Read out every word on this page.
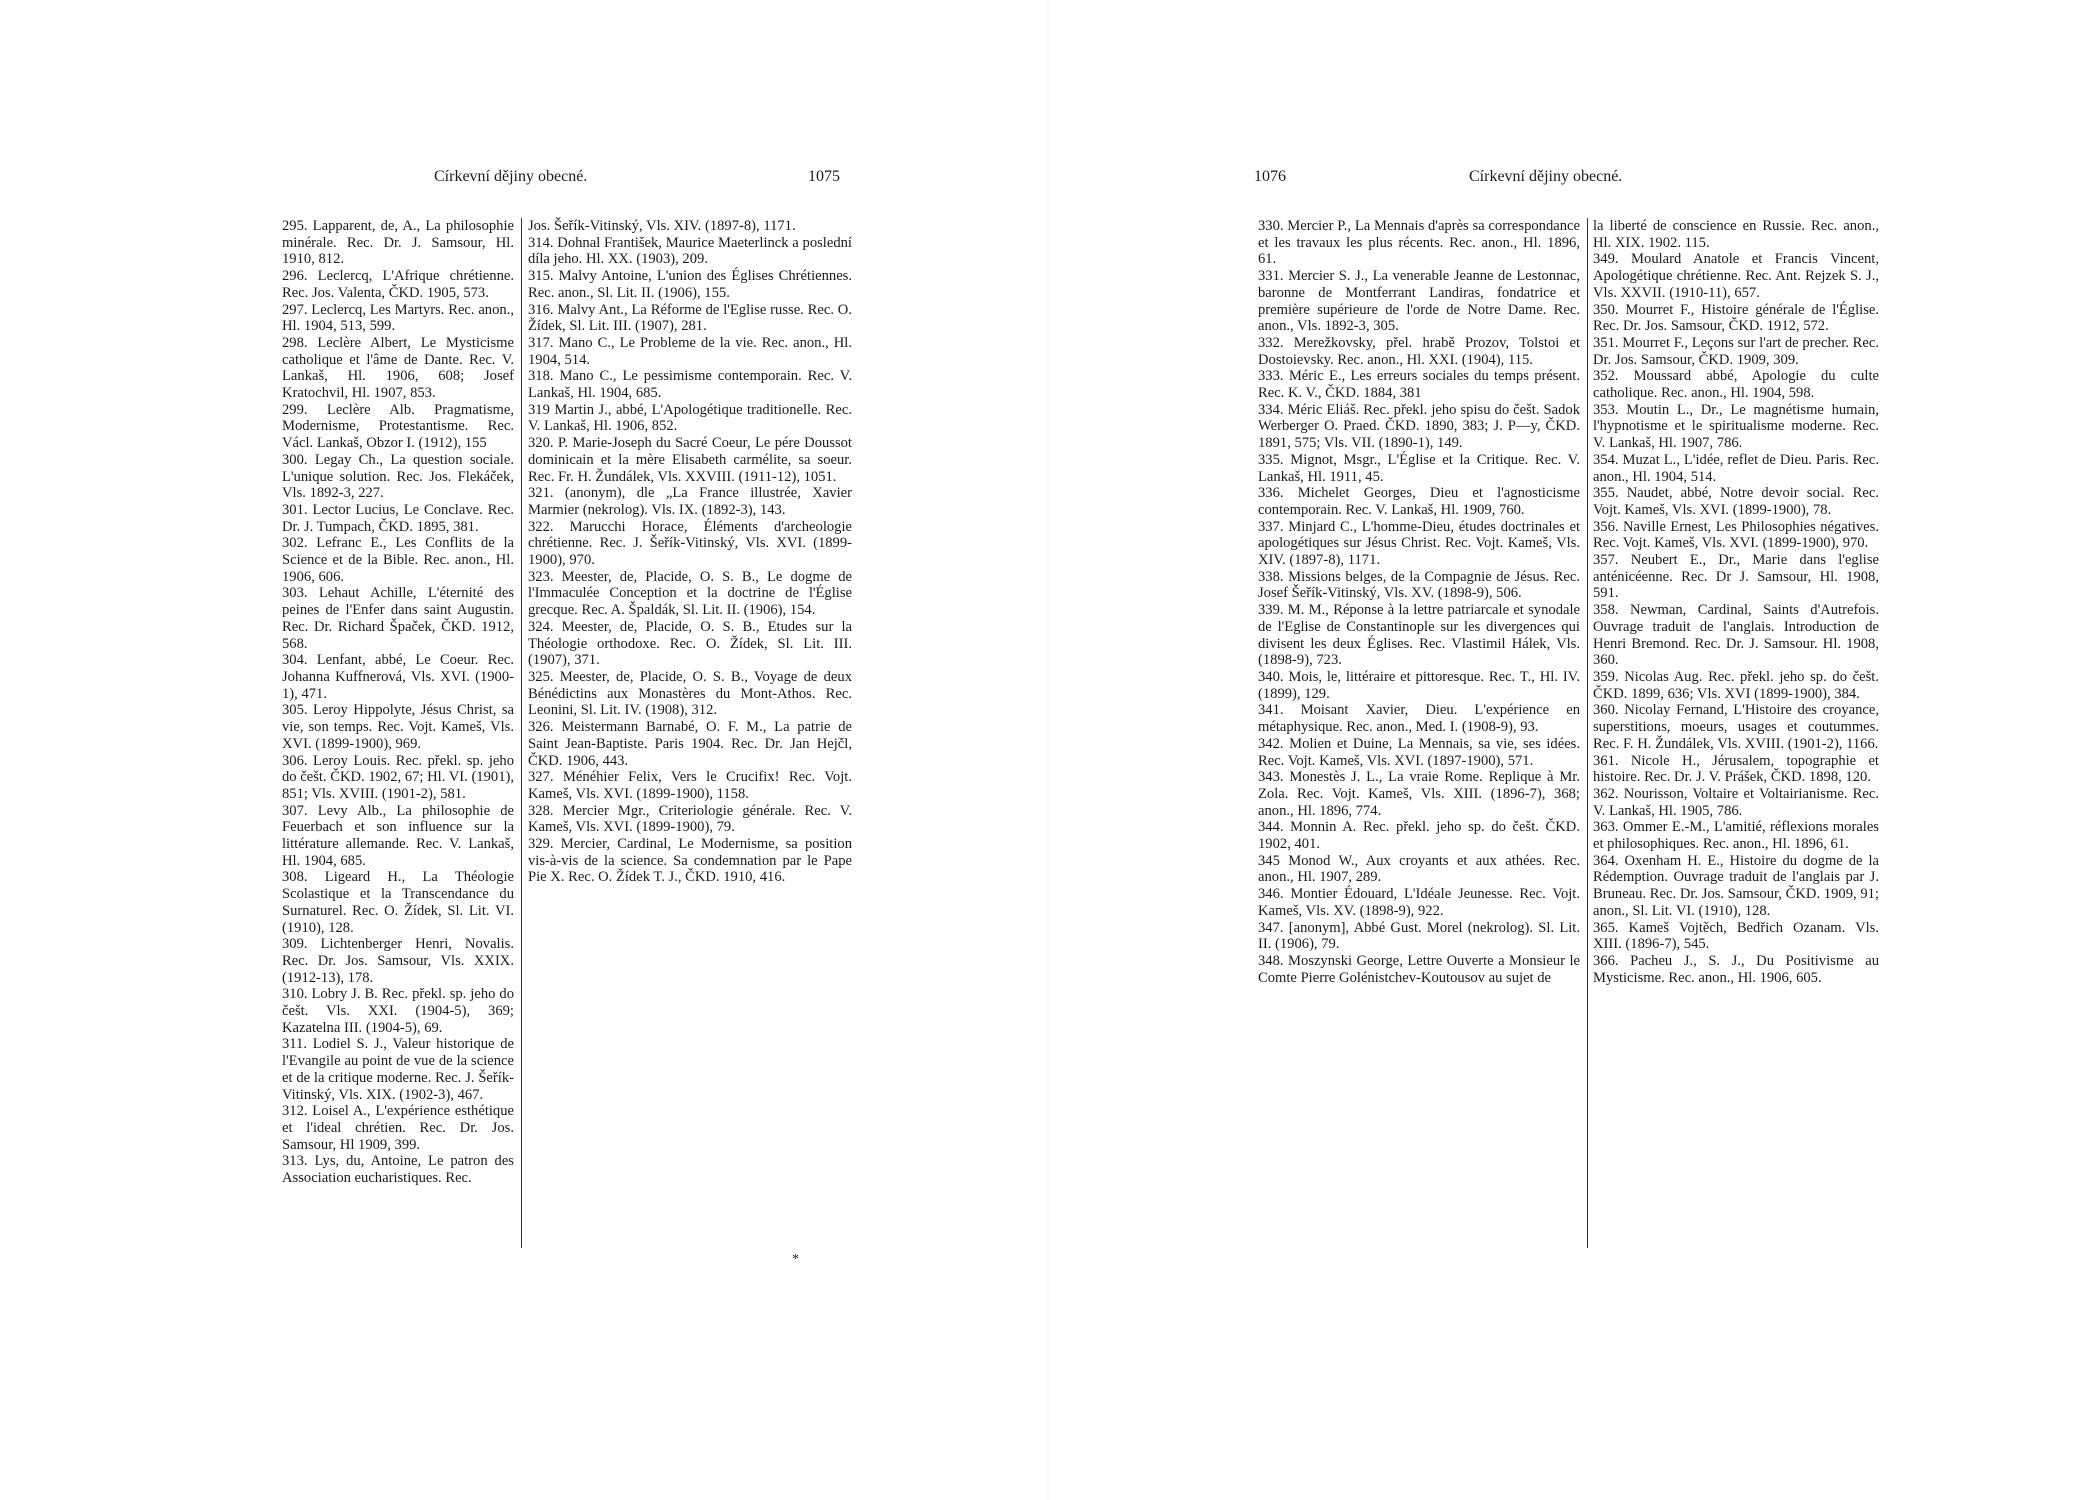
Církevní dějiny obecné.	1075

295. Lapparent, de, A., La philosophie minérale. Rec. Dr. J. Samsour, Hl. 1910, 812.

296. Leclercq, L'Afrique chrétienne. Rec. Jos. Valenta, ČKD. 1905, 573.

297. Leclercq, Les Martyrs. Rec. anon., Hl. 1904, 513, 599.

298. Leclère Albert, Le Mysticisme catholique et l'âme de Dante. Rec. V. Lankaš, Hl. 1906, 608; Josef Kratochvil, Hl. 1907, 853.

299. Leclère Alb. Pragmatisme, Modernisme, Protestantisme. Rec. Václ. Lankaš, Obzor I. (1912), 155

300. Legay Ch., La question sociale. L'unique solution. Rec. Jos. Flekáček, Vls. 1892-3, 227.

301. Lector Lucius, Le Conclave. Rec. Dr. J. Tumpach, ČKD. 1895, 381.

302. Lefranc E., Les Conflits de la Science et de la Bible. Rec. anon., Hl. 1906, 606.

303. Lehaut Achille, L'éternité des peines de l'Enfer dans saint Augustin. Rec. Dr. Richard Špaček, ČKD. 1912, 568.

304. Lenfant, abbé, Le Coeur. Rec. Johanna Kuffnerová, Vls. XVI. (1900-1), 471.

305. Leroy Hippolyte, Jésus Christ, sa vie, son temps. Rec. Vojt. Kameš, Vls. XVI. (1899-1900), 969.

306. Leroy Louis. Rec. překl. sp. jeho do češt. ČKD. 1902, 67; Hl. VI. (1901), 851; Vls. XVIII. (1901-2), 581.

307. Levy Alb., La philosophie de Feuerbach et son influence sur la littérature allemande. Rec. V. Lankaš, Hl. 1904, 685.

308. Ligeard H., La Théologie Scolastique et la Transcendance du Surnaturel. Rec. O. Žídek, Sl. Lit. VI. (1910), 128.

309. Lichtenberger Henri, Novalis. Rec. Dr. Jos. Samsour, Vls. XXIX. (1912-13), 178.

310. Lobry J. B. Rec. překl. sp. jeho do češt. Vls. XXI. (1904-5), 369; Kazatelna III. (1904-5), 69.

311. Lodiel S. J., Valeur historique de l'Evangile au point de vue de la science et de la critique moderne. Rec. J. Šeřík-Vitinský, Vls. XIX. (1902-3), 467.

312. Loisel A., L'expérience esthétique et l'ideal chrétien. Rec. Dr. Jos. Samsour, Hl 1909, 399.

313. Lys, du, Antoine, Le patron des Association eucharistiques. Rec.

Jos. Šeřík-Vitinský, Vls. XIV. (1897-8), 1171.

314. Dohnal František, Maurice Maeterlinck a poslední díla jeho. Hl. XX. (1903), 209.

315. Malvy Antoine, L'union des Églises Chrétiennes. Rec. anon., Sl. Lit. II. (1906), 155.

316. Malvy Ant., La Réforme de l'Eglise russe. Rec. O. Žídek, Sl. Lit. III. (1907), 281.

317. Mano C., Le Probleme de la vie. Rec. anon., Hl. 1904, 514.

318. Mano C., Le pessimisme contemporain. Rec. V. Lankaš, Hl. 1904, 685.

319 Martin J., abbé, L'Apologétique traditionelle. Rec. V. Lankaš, Hl. 1906, 852.

320. P. Marie-Joseph du Sacré Coeur, Le pére Doussot dominicain et la mère Elisabeth carmélite, sa soeur. Rec. Fr. H. Žundálek, Vls. XXVIII. (1911-12), 1051.

321. (anonym), dle „La France illustrée, Xavier Marmier (nekrolog). Vls. IX. (1892-3), 143.

322. Marucchi Horace, Éléments d'archeologie chrétienne. Rec. J. Šeřík-Vitinský, Vls. XVI. (1899-1900), 970.

323. Meester, de, Placide, O. S. B., Le dogme de l'Immaculée Conception et la doctrine de l'Église grecque. Rec. A. Špaldák, Sl. Lit. II. (1906), 154.

324. Meester, de, Placide, O. S. B., Etudes sur la Théologie orthodoxe. Rec. O. Žídek, Sl. Lit. III. (1907), 371.

325. Meester, de, Placide, O. S. B., Voyage de deux Bénédictins aux Monastères du Mont-Athos. Rec. Leonini, Sl. Lit. IV. (1908), 312.

326. Meistermann Barnabé, O. F. M., La patrie de Saint Jean-Baptiste. Paris 1904. Rec. Dr. Jan Hejčl, ČKD. 1906, 443.

327. Ménéhier Felix, Vers le Crucifix! Rec. Vojt. Kameš, Vls. XVI. (1899-1900), 1158.

328. Mercier Mgr., Criteriologie générale. Rec. V. Kameš, Vls. XVI. (1899-1900), 79.

329. Mercier, Cardinal, Le Modernisme, sa position vis-à-vis de la science. Sa condemnation par le Pape Pie X. Rec. O. Žídek T. J., ČKD. 1910, 416.

*
1076	Církevní dějiny obecné.

330. Mercier P., La Mennais d'après sa correspondance et les travaux les plus récents. Rec. anon., Hl. 1896, 61.

331. Mercier S. J., La venerable Jeanne de Lestonnac, baronne de Montferrant Landiras, fondatrice et première supérieure de l'orde de Notre Dame. Rec. anon., Vls. 1892-3, 305.

332. Merežkovsky, přel. hrabě Prozov, Tolstoi et Dostoievsky. Rec. anon., Hl. XXI. (1904), 115.

333. Méric E., Les erreurs sociales du temps présent. Rec. K. V., ČKD. 1884, 381

334. Méric Eliáš. Rec. překl. jeho spisu do češt. Sadok Werberger O. Praed. ČKD. 1890, 383; J. P—y, ČKD. 1891, 575; Vls. VII. (1890-1), 149.

335. Mignot, Msgr., L'Église et la Critique. Rec. V. Lankaš, Hl. 1911, 45.

336. Michelet Georges, Dieu et l'agnosticisme contemporain. Rec. V. Lankaš, Hl. 1909, 760.

337. Minjard C., L'homme-Dieu, études doctrinales et apologétiques sur Jésus Christ. Rec. Vojt. Kameš, Vls. XIV. (1897-8), 1171.

338. Missions belges, de la Compagnie de Jésus. Rec. Josef Šeřík-Vitinský, Vls. XV. (1898-9), 506.

339. M. M., Réponse à la lettre patriarcale et synodale de l'Eglise de Constantinople sur les divergences qui divisent les deux Églises. Rec. Vlastimil Hálek, Vls. (1898-9), 723.

340. Mois, le, littéraire et pittoresque. Rec. T., Hl. IV. (1899), 129.

341. Moisant Xavier, Dieu. L'expérience en métaphysique. Rec. anon., Med. I. (1908-9), 93.

342. Molien et Duine, La Mennais, sa vie, ses idées. Rec. Vojt. Kameš, Vls. XVI. (1897-1900), 571.

343. Monestès J. L., La vraie Rome. Replique à Mr. Zola. Rec. Vojt. Kameš, Vls. XIII. (1896-7), 368; anon., Hl. 1896, 774.

344. Monnin A. Rec. překl. jeho sp. do češt. ČKD. 1902, 401.

345 Monod W., Aux croyants et aux athées. Rec. anon., Hl. 1907, 289.

346. Montier Édouard, L'Idéale Jeunesse. Rec. Vojt. Kameš, Vls. XV. (1898-9), 922.

347. [anonym], Abbé Gust. Morel (nekrolog). Sl. Lit. II. (1906), 79.

348. Moszynski George, Lettre Ouverte a Monsieur le Comte Pierre Golénistchev-Koutousov au sujet de

la liberté de conscience en Russie. Rec. anon., Hl. XIX. 1902. 115.

349. Moulard Anatole et Francis Vincent, Apologétique chrétienne. Rec. Ant. Rejzek S. J., Vls. XXVII. (1910-11), 657.

350. Mourret F., Histoire générale de l'Église. Rec. Dr. Jos. Samsour, ČKD. 1912, 572.

351. Mourret F., Leçons sur l'art de precher. Rec. Dr. Jos. Samsour, ČKD. 1909, 309.

352. Moussard abbé, Apologie du culte catholique. Rec. anon., Hl. 1904, 598.

353. Moutin L., Dr., Le magnétisme humain, l'hypnotisme et le spiritualisme moderne. Rec. V. Lankaš, Hl. 1907, 786.

354. Muzat L., L'idée, reflet de Dieu. Paris. Rec. anon., Hl. 1904, 514.

355. Naudet, abbé, Notre devoir social. Rec. Vojt. Kameš, Vls. XVI. (1899-1900), 78.

356. Naville Ernest, Les Philosophies négatives. Rec. Vojt. Kameš, Vls. XVI. (1899-1900), 970.

357. Neubert E., Dr., Marie dans l'eglise anténicéenne. Rec. Dr J. Samsour, Hl. 1908, 591.

358. Newman, Cardinal, Saints d'Autrefois. Ouvrage traduit de l'anglais. Introduction de Henri Bremond. Rec. Dr. J. Samsour. Hl. 1908, 360.

359. Nicolas Aug. Rec. překl. jeho sp. do češt. ČKD. 1899, 636; Vls. XVI (1899-1900), 384.

360. Nicolay Fernand, L'Histoire des croyance, superstitions, moeurs, usages et coutummes. Rec. F. H. Žundálek, Vls. XVIII. (1901-2), 1166.

361. Nicole H., Jérusalem, topographie et histoire. Rec. Dr. J. V. Prášek, ČKD. 1898, 120.

362. Nourisson, Voltaire et Voltairianisme. Rec. V. Lankaš, Hl. 1905, 786.

363. Ommer E.-M., L'amitié, réflexions morales et philosophiques. Rec. anon., Hl. 1896, 61.

364. Oxenham H. E., Histoire du dogme de la Rédemption. Ouvrage traduit de l'anglais par J. Bruneau. Rec. Dr. Jos. Samsour, ČKD. 1909, 91; anon., Sl. Lit. VI. (1910), 128.

365. Kameš Vojtěch, Bedřich Ozanam. Vls. XIII. (1896-7), 545.

366. Pacheu J., S. J., Du Positivisme au Mysticisme. Rec. anon., Hl. 1906, 605.
